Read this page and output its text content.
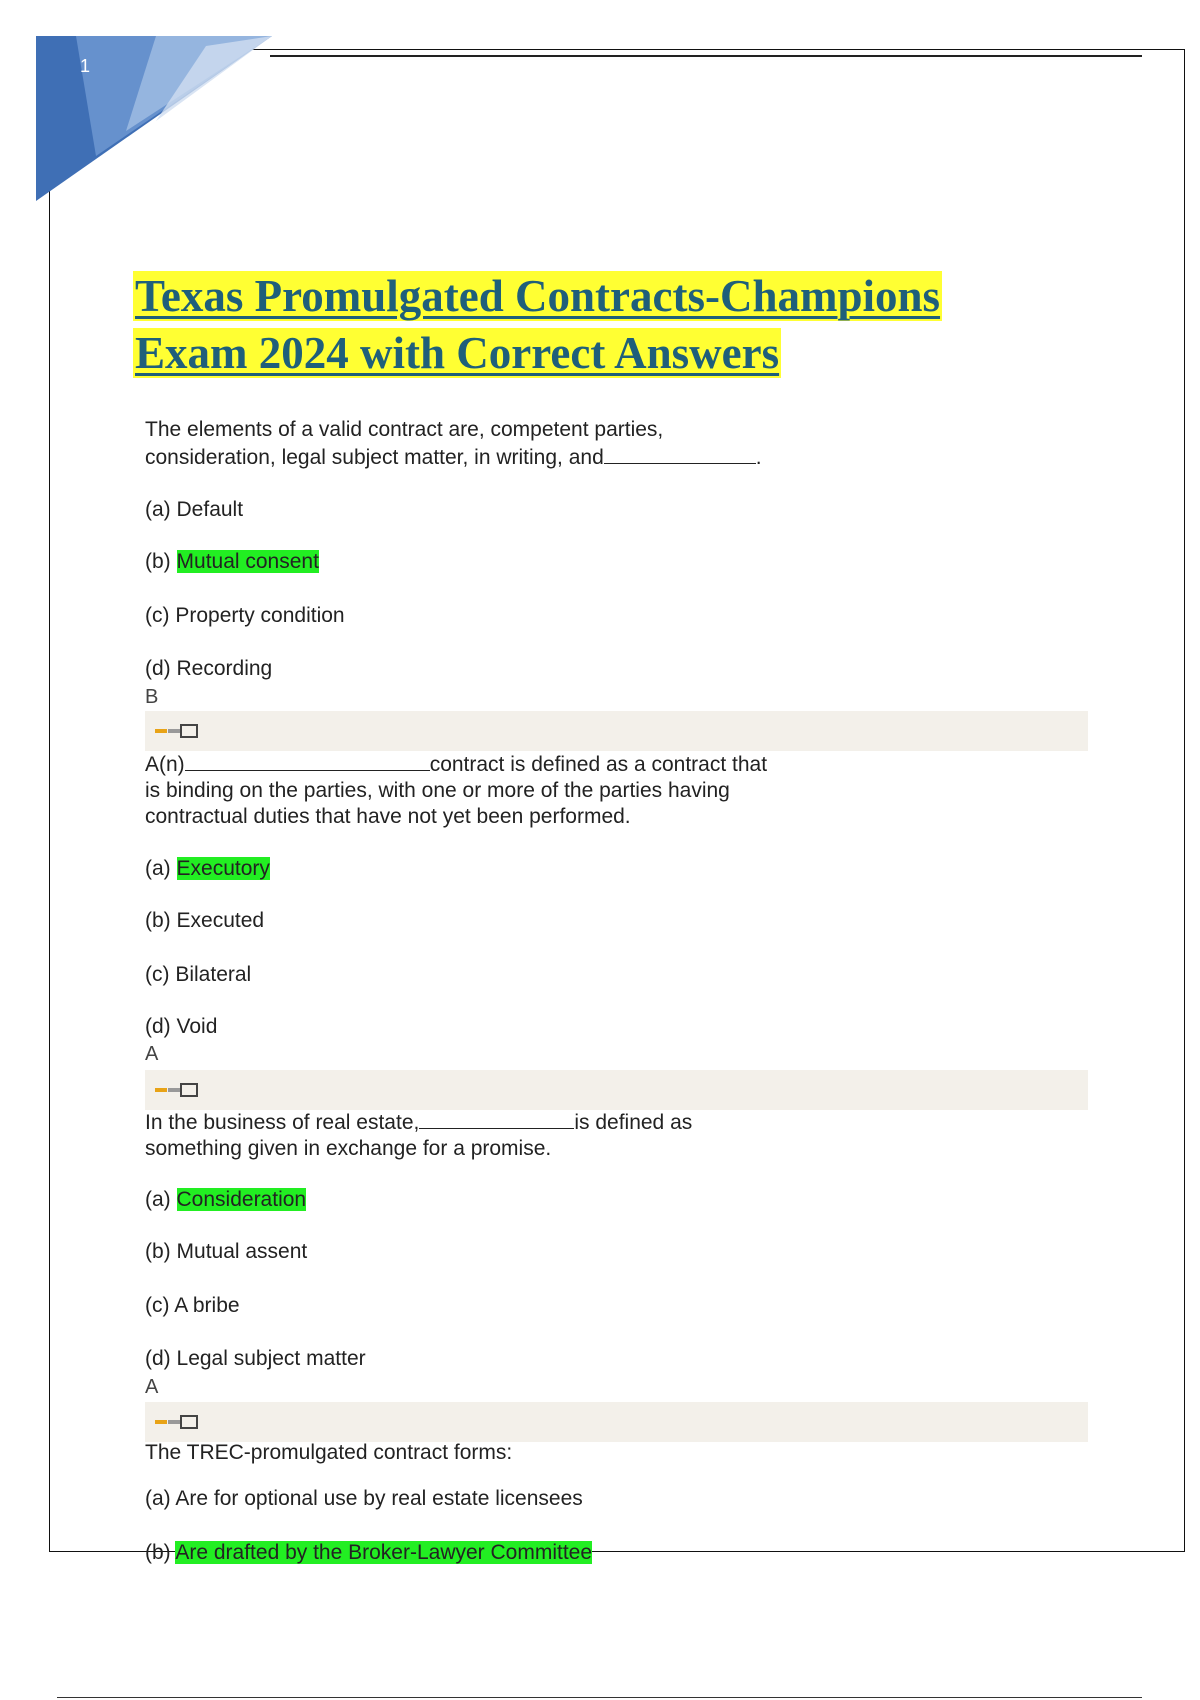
1
Texas Promulgated Contracts-Champions
Exam 2024 with Correct Answers

The elements of a valid contract are, competent parties,
consideration, legal subject matter, in writing, and	.

(a) Default

(b) Mutual consent

(c) Property condition

(d) Recording

B

A(n)	contract is defined as a contract that
is binding on the parties, with one or more of the parties having
contractual duties that have not yet been performed.

(a) Executory

(b) Executed

(c) Bilateral

(d) Void

A

In the business of real estate,	is defined as
something given in exchange for a promise.

(a) Consideration

(b) Mutual assent

(c) A bribe

(d) Legal subject matter

A

The TREC-promulgated contract forms:

(a) Are for optional use by real estate licensees

(b) Are drafted by the Broker-Lawyer Committee
